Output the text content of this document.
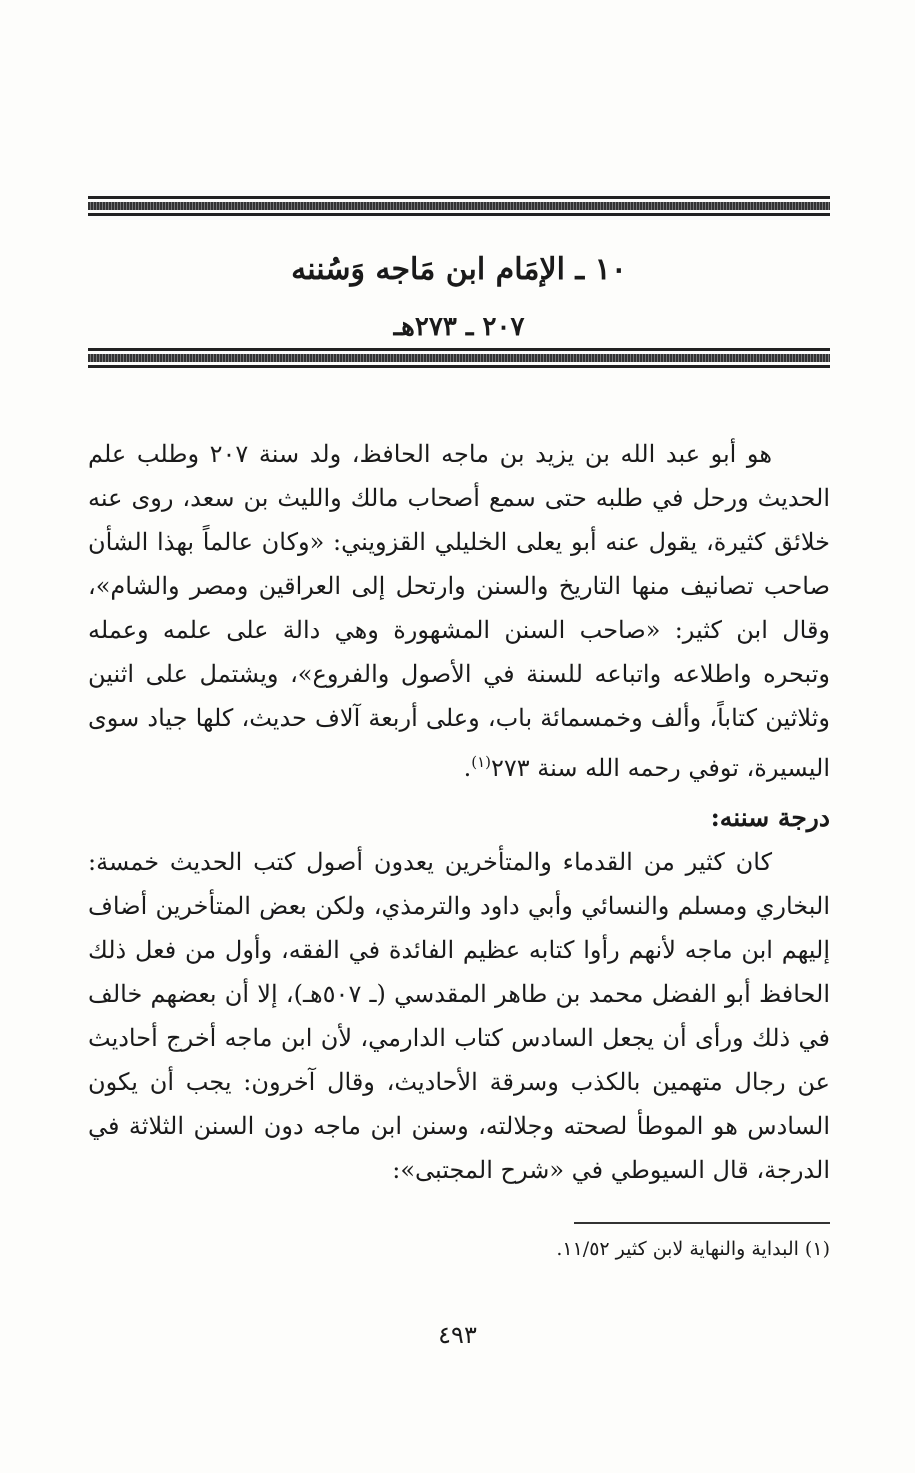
١٠ ـ الإمَام ابن مَاجه وَسُننه
٢٠٧ ـ ٢٧٣هـ

هو أبو عبد الله بن يزيد بن ماجه الحافظ، ولد سنة ٢٠٧ وطلب علم الحديث ورحل في طلبه حتى سمع أصحاب مالك والليث بن سعد، روى عنه خلائق كثيرة، يقول عنه أبو يعلى الخليلي القزويني: «وكان عالماً بهذا الشأن صاحب تصانيف منها التاريخ والسنن وارتحل إلى العراقين ومصر والشام»، وقال ابن كثير: «صاحب السنن المشهورة وهي دالة على علمه وعمله وتبحره واطلاعه واتباعه للسنة في الأصول والفروع»، ويشتمل على اثنين وثلاثين كتاباً، وألف وخمسمائة باب، وعلى أربعة آلاف حديث، كلها جياد سوى اليسيرة، توفي رحمه الله سنة ٢٧٣$^{(١)}$.

درجة سننه:

كان كثير من القدماء والمتأخرين يعدون أصول كتب الحديث خمسة: البخاري ومسلم والنسائي وأبي داود والترمذي، ولكن بعض المتأخرين أضاف إليهم ابن ماجه لأنهم رأوا كتابه عظيم الفائدة في الفقه، وأول من فعل ذلك الحافظ أبو الفضل محمد بن طاهر المقدسي (ـ ٥٠٧هـ)، إلا أن بعضهم خالف في ذلك ورأى أن يجعل السادس كتاب الدارمي، لأن ابن ماجه أخرج أحاديث عن رجال متهمين بالكذب وسرقة الأحاديث، وقال آخرون: يجب أن يكون السادس هو الموطأ لصحته وجلالته، وسنن ابن ماجه دون السنن الثلاثة في الدرجة، قال السيوطي في «شرح المجتبى»:

(١) البداية والنهاية لابن كثير ١١/٥٢.
٤٩٣
